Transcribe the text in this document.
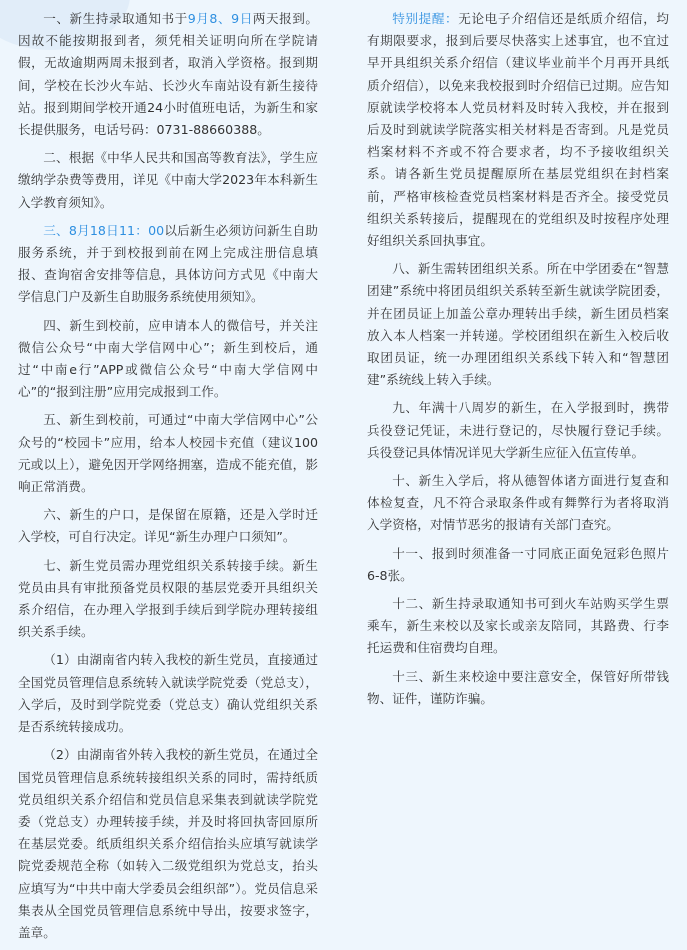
一、新生持录取通知书于9月8、9日两天报到。因故不能按期报到者，须凭相关证明向所在学院请假，无故逾期两周未报到者，取消入学资格。报到期间，学校在长沙火车站、长沙火车南站设有新生接待站。报到期间学校开通24小时值班电话，为新生和家长提供服务，电话号码：0731-88660388。

二、根据《中华人民共和国高等教育法》，学生应缴纳学杂费等费用，详见《中南大学2023年本科新生入学教育须知》。

三、8月18日11：00以后新生必须访问新生自助服务系统，并于到校报到前在网上完成注册信息填报、查询宿舍安排等信息，具体访问方式见《中南大学信息门户及新生自助服务系统使用须知》。

四、新生到校前，应申请本人的微信号，并关注微信公众号“中南大学信网中心”；新生到校后，通过“中南e行”APP或微信公众号“中南大学信网中心”的“报到注册”应用完成报到工作。

五、新生到校前，可通过“中南大学信网中心”公众号的“校园卡”应用，给本人校园卡充值（建议100元或以上），避免因开学网络拥塞，造成不能充值，影响正常消费。

六、新生的户口，是保留在原籍，还是入学时迁入学校，可自行决定。详见“新生办理户口须知”。

七、新生党员需办理党组织关系转接手续。新生党员由具有审批预备党员权限的基层党委开具组织关系介绍信，在办理入学报到手续后到学院办理转接组织关系手续。

（1）由湖南省内转入我校的新生党员，直接通过全国党员管理信息系统转入就读学院党委（党总支），入学后，及时到学院党委（党总支）确认党组织关系是否系统转接成功。

（2）由湖南省外转入我校的新生党员，在通过全国党员管理信息系统转接组织关系的同时，需持纸质党员组织关系介绍信和党员信息采集表到就读学院党委（党总支）办理转接手续，并及时将回执寄回原所在基层党委。纸质组织关系介绍信抬头应填写就读学院党委规范全称（如转入二级党组织为党总支，抬头应填写为“中共中南大学委员会组织部”）。党员信息采集表从全国党员管理信息系统中导出，按要求签字，盖章。

特别提醒：无论电子介绍信还是纸质介绍信，均有期限要求，报到后要尽快落实上述事宜，也不宜过早开具组织关系介绍信（建议毕业前半个月再开具纸质介绍信），以免来我校报到时介绍信已过期。应告知原就读学校将本人党员材料及时转入我校，并在报到后及时到就读学院落实相关材料是否寄到。凡是党员档案材料不齐或不符合要求者，均不予接收组织关系。请各新生党员提醒原所在基层党组织在封档案前，严格审核检查党员档案材料是否齐全。接受党员组织关系转接后，提醒现在的党组织及时按程序处理好组织关系回执事宜。

八、新生需转团组织关系。所在中学团委在“智慧团建”系统中将团员组织关系转至新生就读学院团委，并在团员证上加盖公章办理转出手续，新生团员档案放入本人档案一并转递。学校团组织在新生入校后收取团员证，统一办理团组织关系线下转入和“智慧团建”系统线上转入手续。

九、年满十八周岁的新生，在入学报到时，携带兵役登记凭证，未进行登记的，尽快履行登记手续。兵役登记具体情况详见大学新生应征入伍宣传单。

十、新生入学后，将从德智体诸方面进行复查和体检复查，凡不符合录取条件或有舞弊行为者将取消入学资格，对情节恶劣的报请有关部门查究。

十一、报到时须准备一寸同底正面免冠彩色照片6-8张。

十二、新生持录取通知书可到火车站购买学生票乘车，新生来校以及家长或亲友陪同，其路费、行李托运费和住宿费均自理。

十三、新生来校途中要注意安全，保管好所带钱物、证件，谨防诈骗。
